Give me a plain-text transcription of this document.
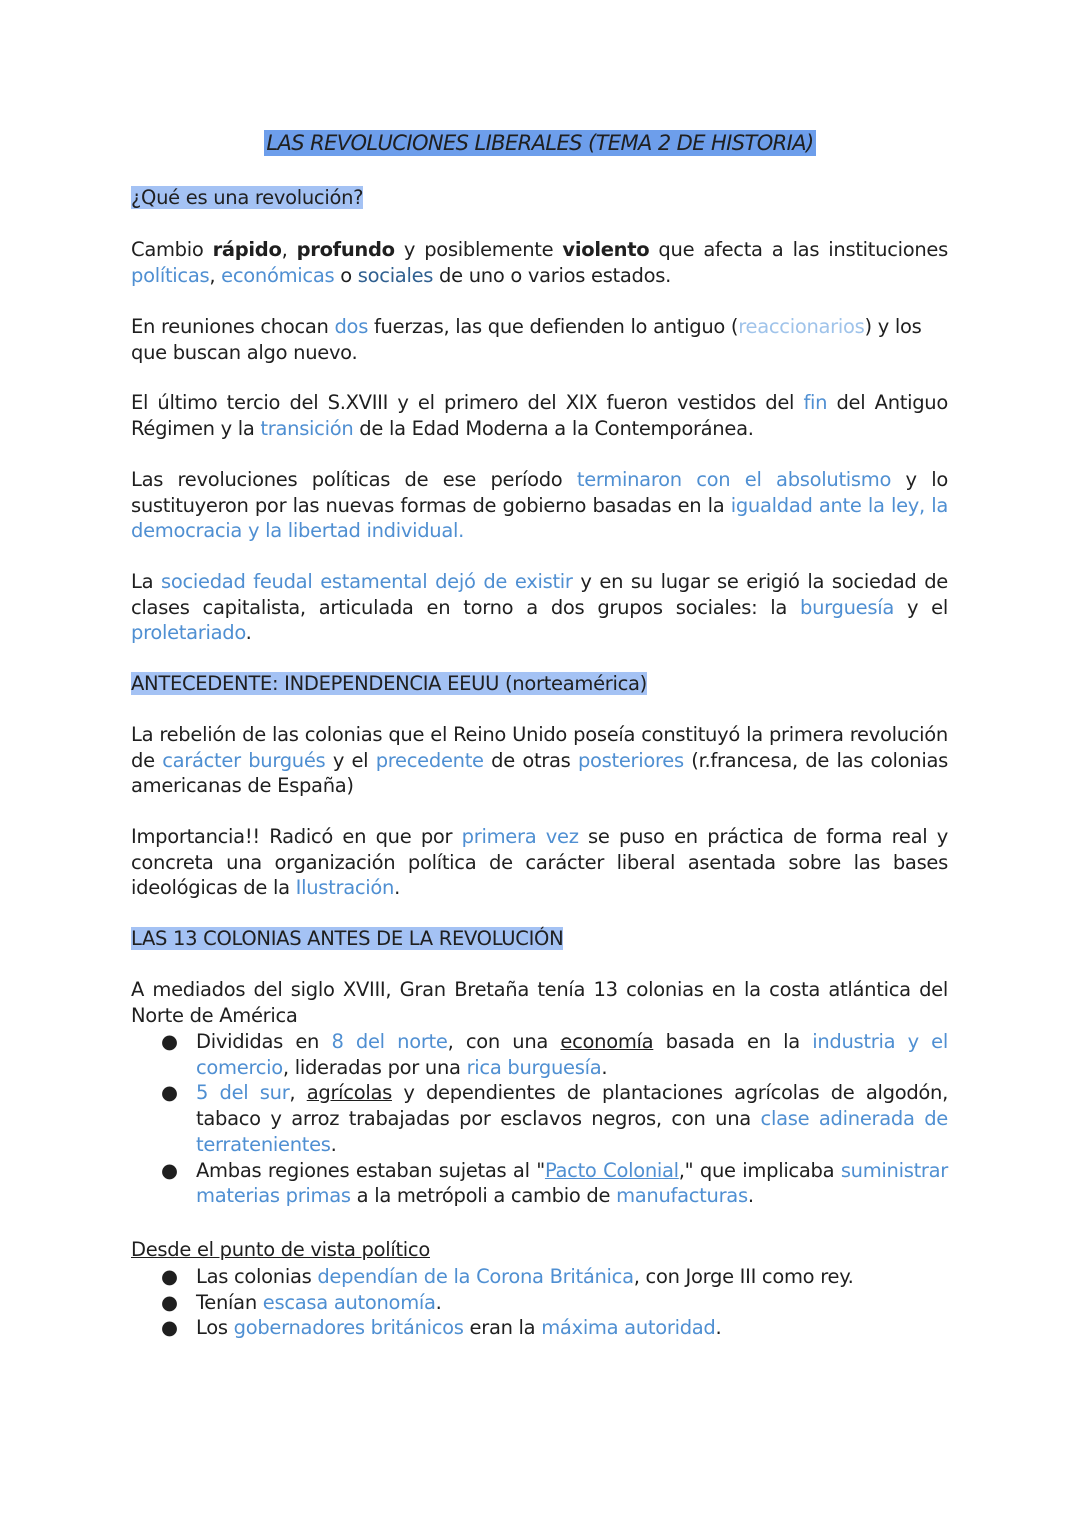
LAS REVOLUCIONES LIBERALES (TEMA 2 DE HISTORIA)
¿Qué es una revolución?
Cambio rápido, profundo y posiblemente violento que afecta a las instituciones políticas, económicas o sociales de uno o varios estados.
En reuniones chocan dos fuerzas, las que defienden lo antiguo (reaccionarios) y los que buscan algo nuevo.
El último tercio del S.XVIII y el primero del XIX fueron vestidos del fin del Antiguo Régimen y la transición de la Edad Moderna a la Contemporánea.
Las revoluciones políticas de ese período terminaron con el absolutismo y lo sustituyeron por las nuevas formas de gobierno basadas en la igualdad ante la ley, la democracia y la libertad individual.
La sociedad feudal estamental dejó de existir y en su lugar se erigió la sociedad de clases capitalista, articulada en torno a dos grupos sociales: la burguesía y el proletariado.
ANTECEDENTE: INDEPENDENCIA EEUU (norteamérica)
La rebelión de las colonias que el Reino Unido poseía constituyó la primera revolución de carácter burgués y el precedente de otras posteriores (r.francesa, de las colonias americanas de España)
Importancia!! Radicó en que por primera vez se puso en práctica de forma real y concreta una organización política de carácter liberal asentada sobre las bases ideológicas de la Ilustración.
LAS 13 COLONIAS ANTES DE LA REVOLUCIÓN
A mediados del siglo XVIII, Gran Bretaña tenía 13 colonias en la costa atlántica del Norte de América
● Divididas en 8 del norte, con una economía basada en la industria y el comercio, lideradas por una rica burguesía.
● 5 del sur, agrícolas y dependientes de plantaciones agrícolas de algodón, tabaco y arroz trabajadas por esclavos negros, con una clase adinerada de terratenientes.
● Ambas regiones estaban sujetas al "Pacto Colonial," que implicaba suministrar materias primas a la metrópoli a cambio de manufacturas.
Desde el punto de vista político
● Las colonias dependían de la Corona Británica, con Jorge III como rey.
● Tenían escasa autonomía.
● Los gobernadores británicos eran la máxima autoridad.
